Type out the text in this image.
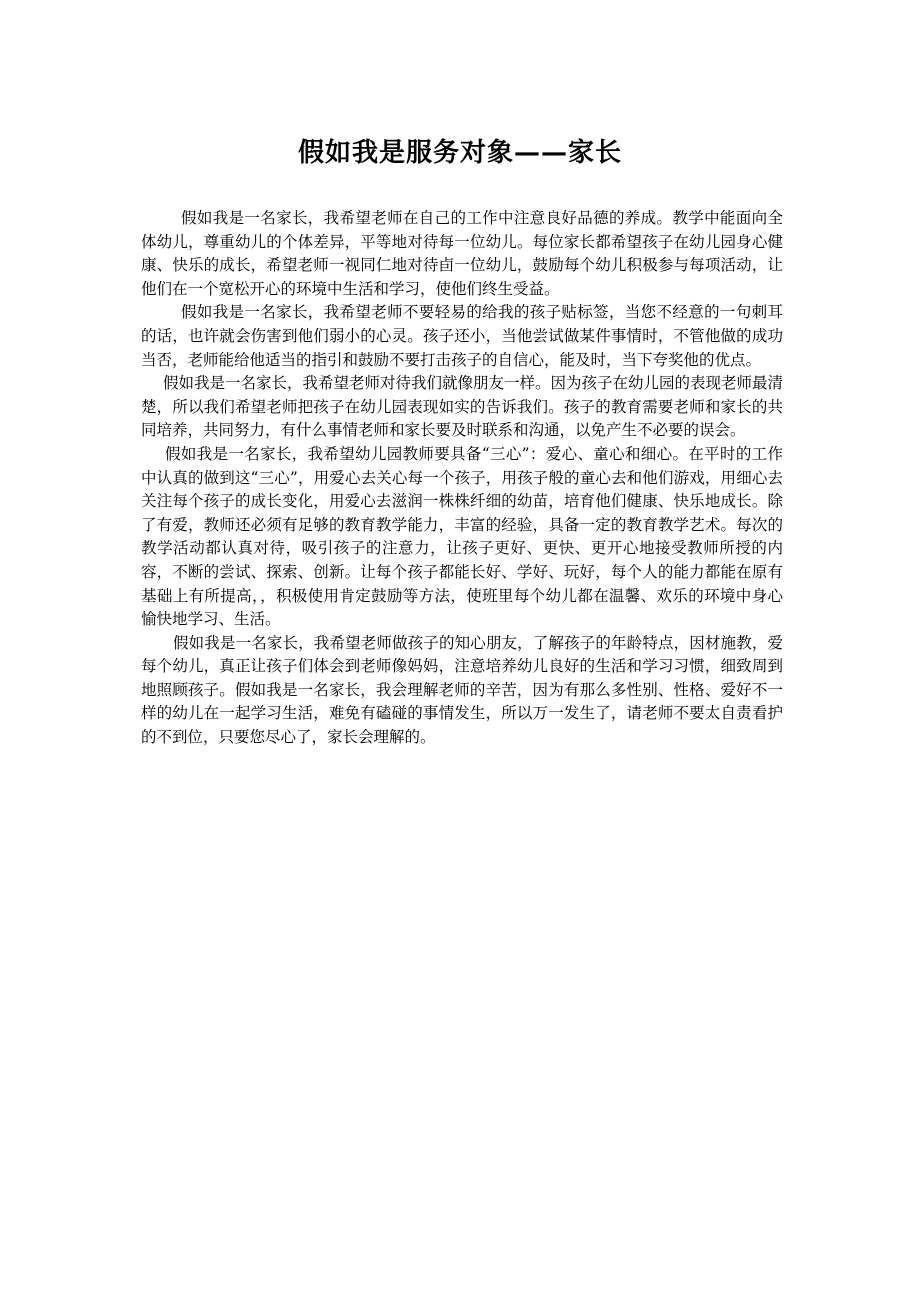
假如我是服务对象——家长

假如我是一名家长，我希望老师在自己的工作中注意良好品德的养成。教学中能面向全体幼儿，尊重幼儿的个体差异，平等地对待每一位幼儿。每位家长都希望孩子在幼儿园身心健康、快乐的成长，希望老师一视同仁地对待卣一位幼儿，鼓励每个幼儿积极参与每项活动，让他们在一个宽松开心的环境中生活和学习，使他们终生受益。

假如我是一名家长，我希望老师不要轻易的给我的孩子贴标签，当您不经意的一句刺耳的话，也许就会伤害到他们弱小的心灵。孩子还小，当他尝试做某件事情时，不管他做的成功当否，老师能给他适当的指引和鼓励不要打击孩子的自信心，能及时，当下夸奖他的优点。

假如我是一名家长，我希望老师对待我们就像朋友一样。因为孩子在幼儿园的表现老师最清楚，所以我们希望老师把孩子在幼儿园表现如实的告诉我们。孩子的教育需要老师和家长的共同培养，共同努力，有什么事情老师和家长要及时联系和沟通，以免产生不必要的误会。

假如我是一名家长，我希望幼儿园教师要具备“三心”：爱心、童心和细心。在平时的工作中认真的做到这“三心”，用爱心去关心每一个孩子，用孩子般的童心去和他们游戏，用细心去关注每个孩子的成长变化，用爱心去滋润一株株纤细的幼苗，培育他们健康、快乐地成长。除了有爱，教师还必须有足够的教育教学能力，丰富的经验，具备一定的教育教学艺术。每次的教学活动都认真对待，吸引孩子的注意力，让孩子更好、更快、更开心地接受教师所授的内容，不断的尝试、探索、创新。让每个孩子都能长好、学好、玩好，每个人的能力都能在原有基础上有所提高，，积极使用肯定鼓励等方法，使班里每个幼儿都在温馨、欢乐的环境中身心愉快地学习、生活。

假如我是一名家长，我希望老师做孩子的知心朋友，了解孩子的年龄特点，因材施教，爱每个幼儿，真正让孩子们体会到老师像妈妈，注意培养幼儿良好的生活和学习习惯，细致周到地照顾孩子。假如我是一名家长，我会理解老师的辛苦，因为有那么多性别、性格、爱好不一样的幼儿在一起学习生活，难免有磕碰的事情发生，所以万一发生了，请老师不要太自责看护的不到位，只要您尽心了，家长会理解的。
